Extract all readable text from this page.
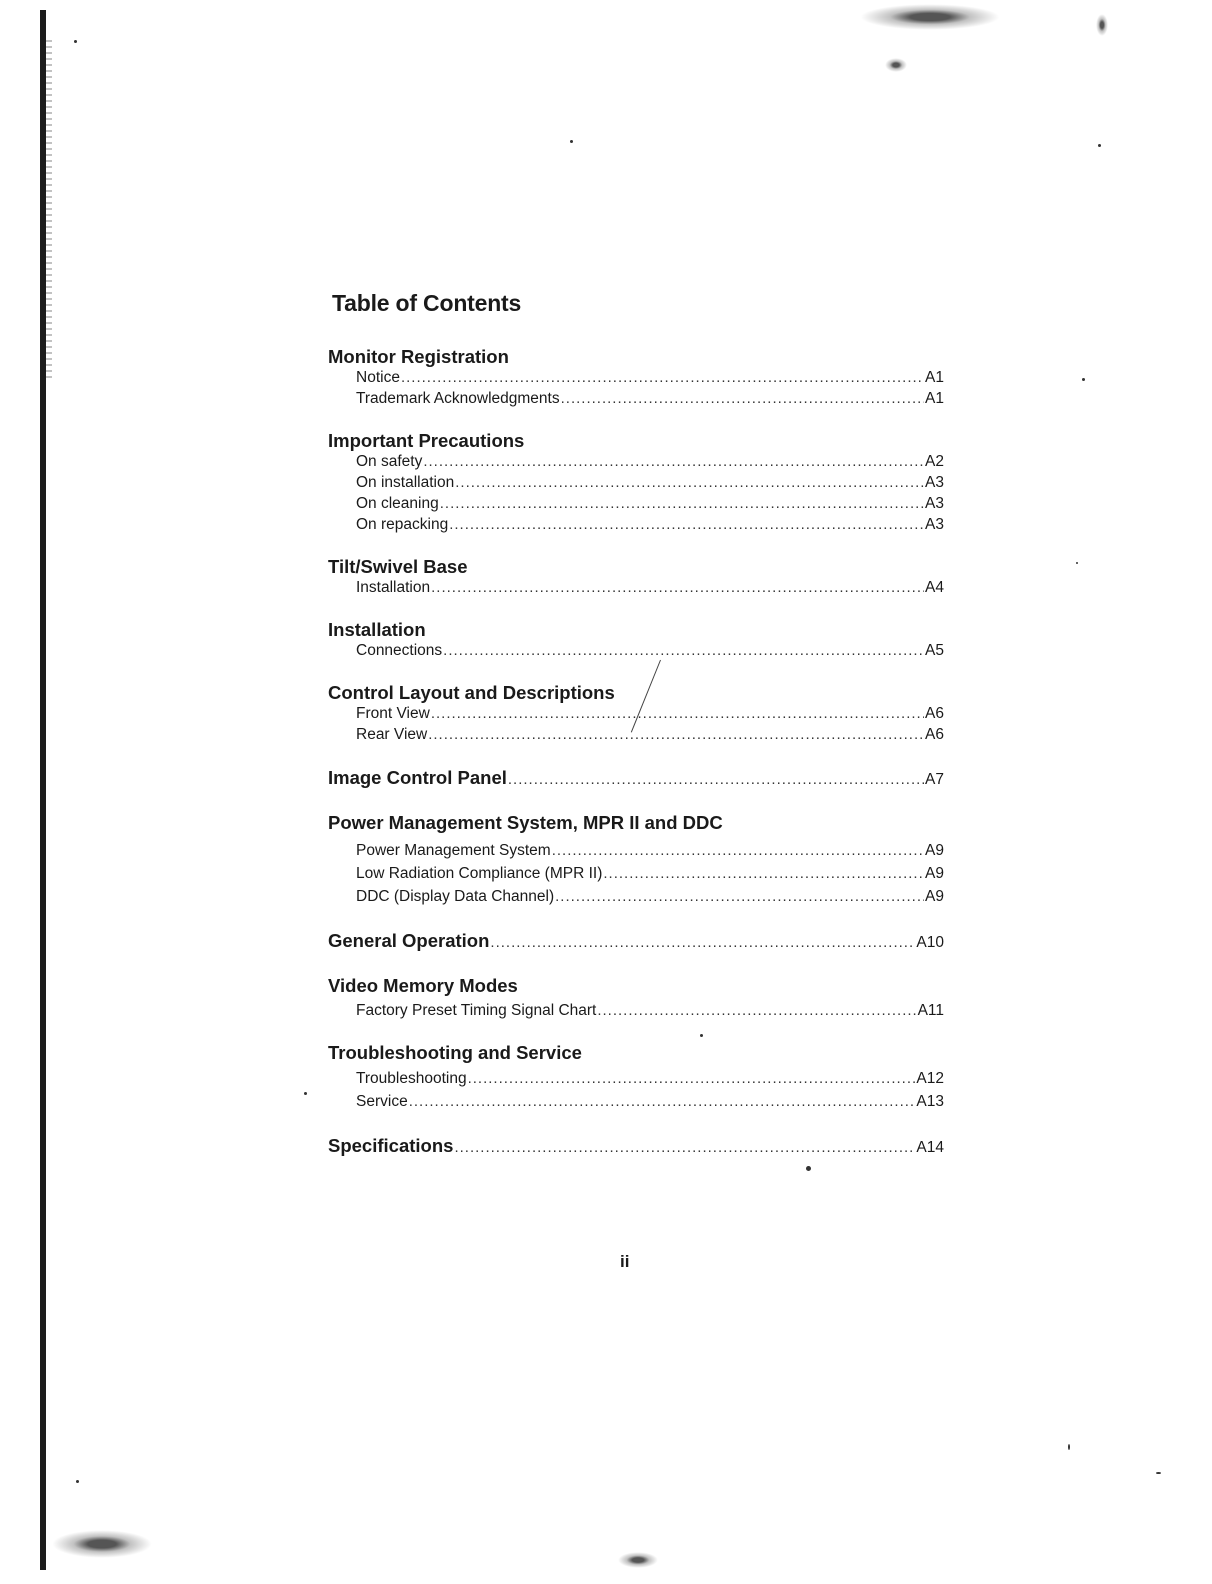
Table of Contents
Monitor Registration
Notice .....	A1
Trademark Acknowledgments .....	A1
Important Precautions
On safety .....	A2
On installation .....	A3
On cleaning .....	A3
On repacking .....	A3
Tilt/Swivel Base
Installation .....	A4
Installation
Connections .....	A5
Control Layout and Descriptions
Front View .....	A6
Rear View .....	A6
Image Control Panel .....	A7
Power Management System, MPR II and DDC
Power Management System .....	A9
Low Radiation Compliance (MPR II) .....	A9
DDC (Display Data Channel) .....	A9
General Operation .....	A10
Video Memory Modes
Factory Preset Timing Signal Chart .....	A11
Troubleshooting and Service
Troubleshooting .....	A12
Service .....	A13
Specifications .....	A14
ii
